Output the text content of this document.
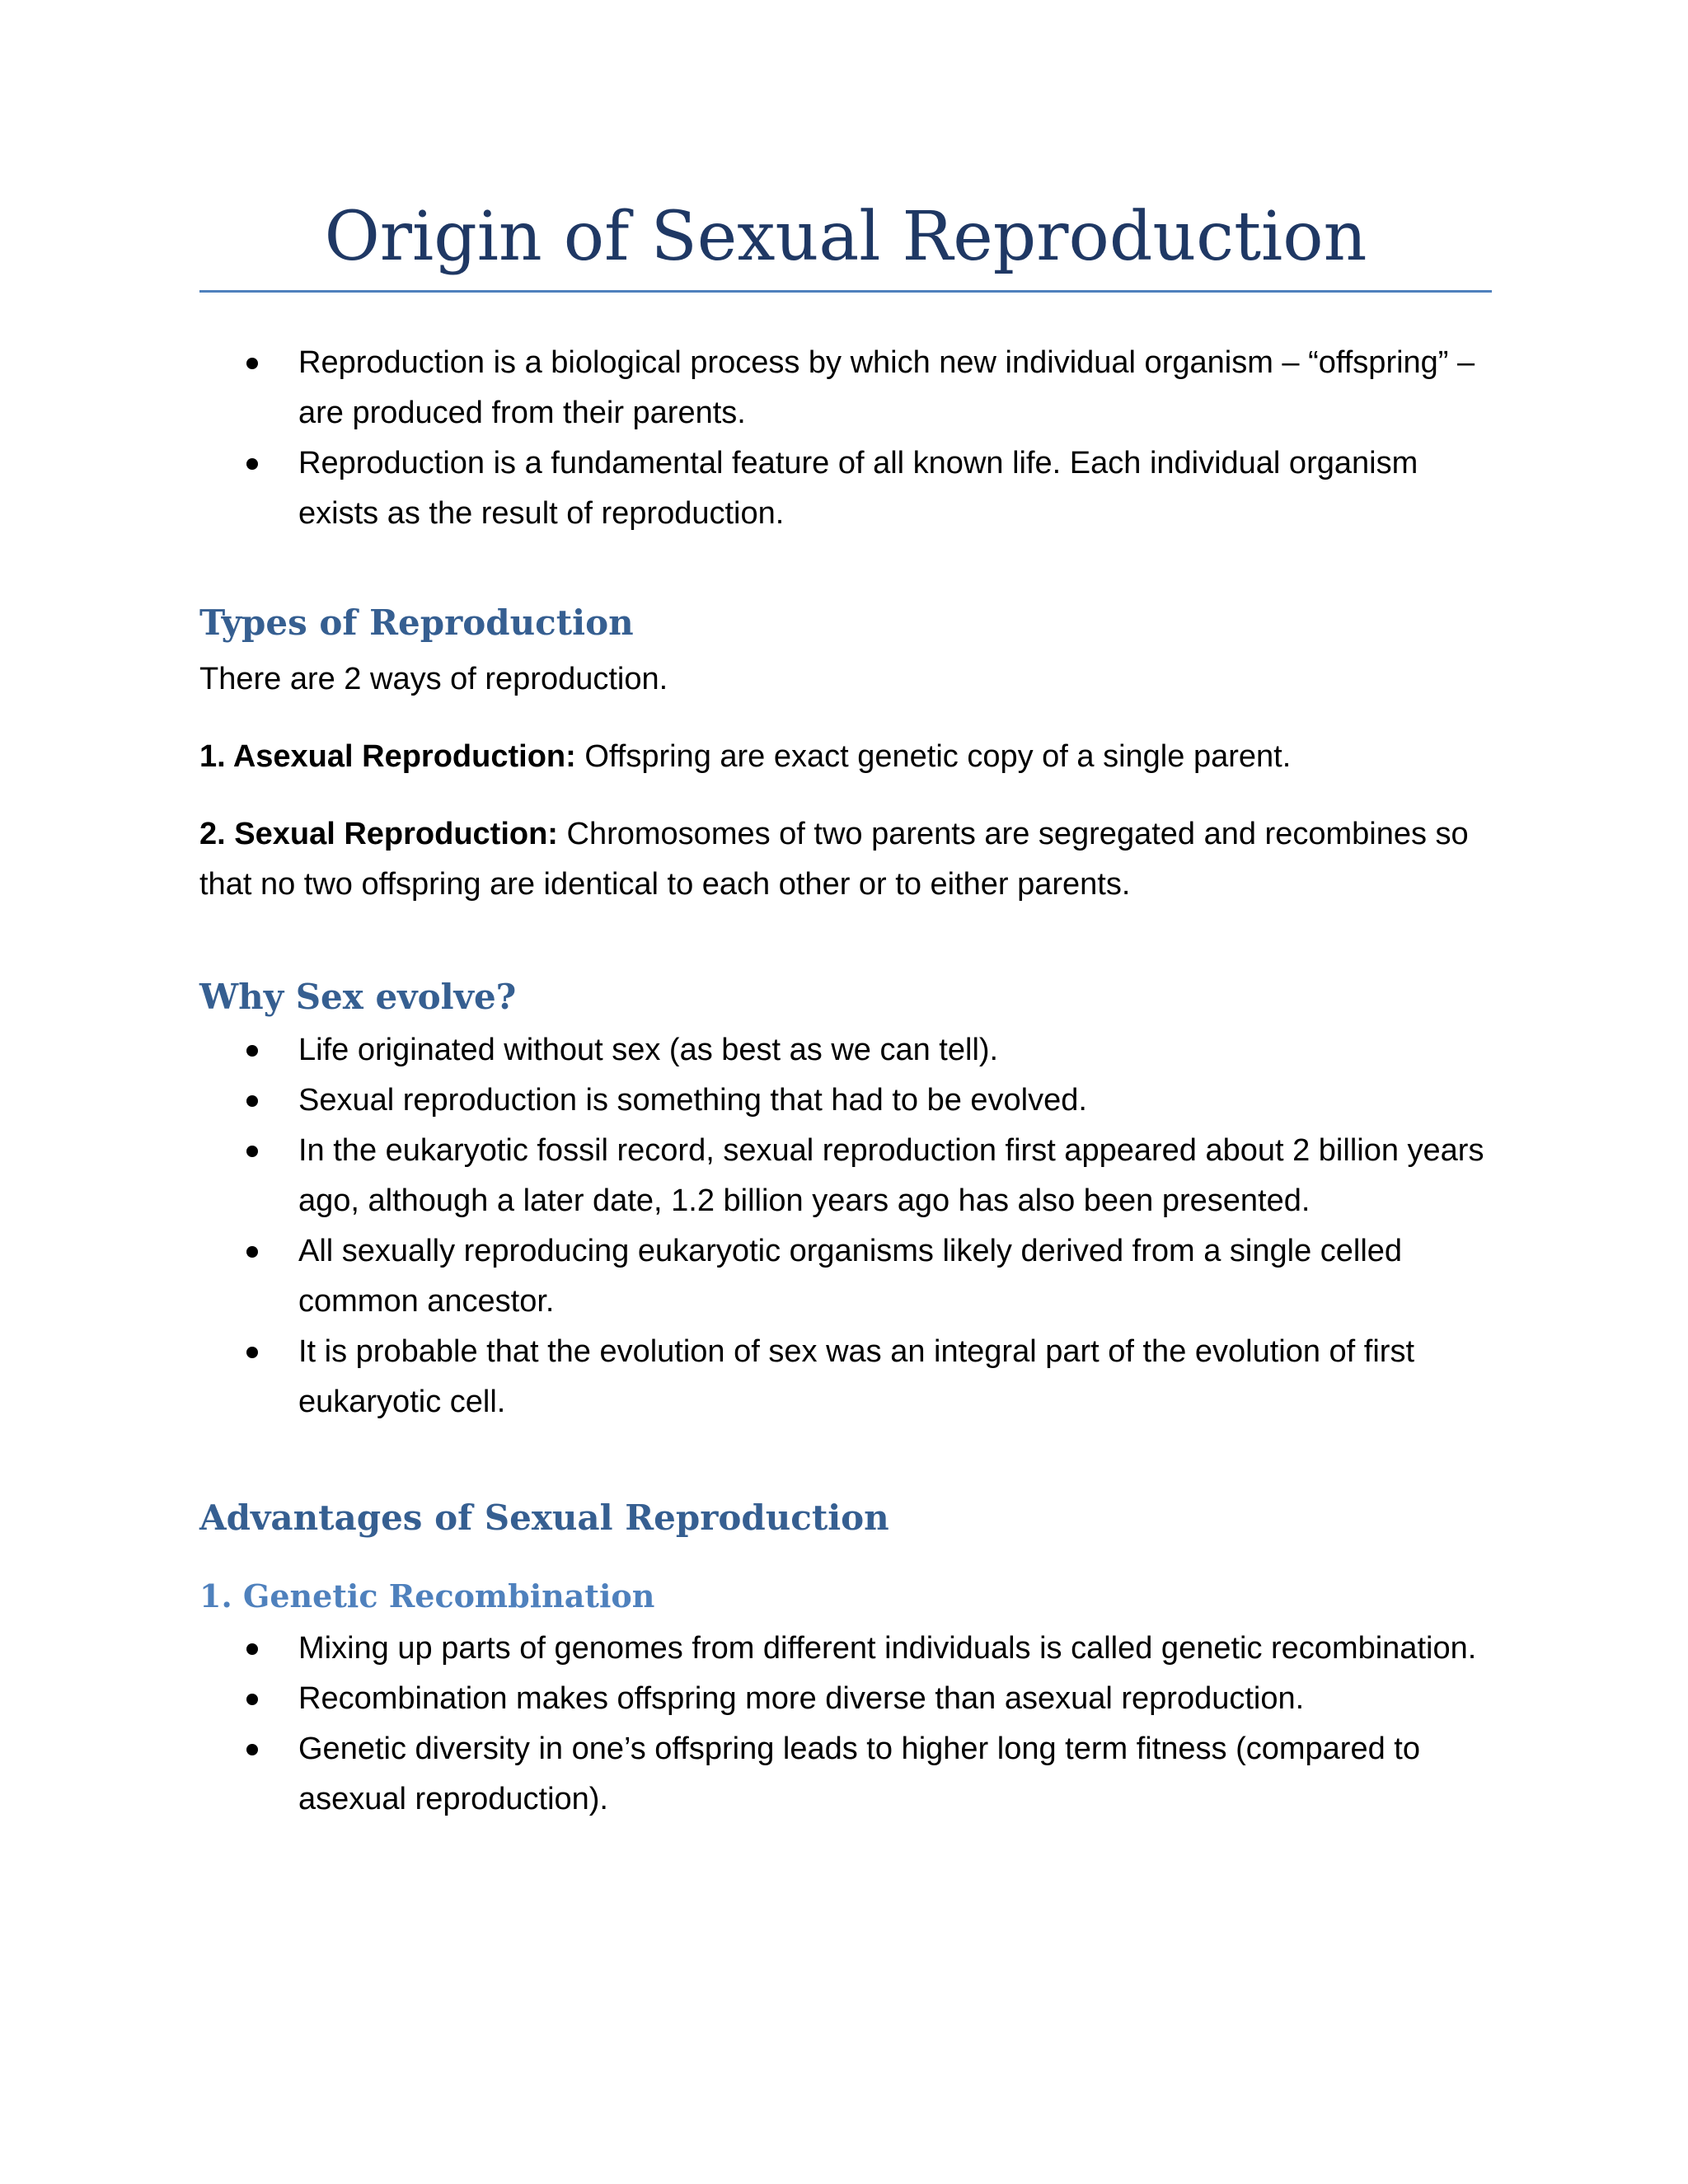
Origin of Sexual Reproduction
Reproduction is a biological process by which new individual organism – “offspring” – are produced from their parents.
Reproduction is a fundamental feature of all known life. Each individual organism exists as the result of reproduction.
Types of Reproduction

There are 2 ways of reproduction.

1. Asexual Reproduction: Offspring are exact genetic copy of a single parent.

2. Sexual Reproduction: Chromosomes of two parents are segregated and recombines so that no two offspring are identical to each other or to either parents.

Why Sex evolve?
Life originated without sex (as best as we can tell).
Sexual reproduction is something that had to be evolved.
In the eukaryotic fossil record, sexual reproduction first appeared about 2 billion years ago, although a later date, 1.2 billion years ago has also been presented.
All sexually reproducing eukaryotic organisms likely derived from a single celled common ancestor.
It is probable that the evolution of sex was an integral part of the evolution of first eukaryotic cell.
Advantages of Sexual Reproduction
1. Genetic Recombination
Mixing up parts of genomes from different individuals is called genetic recombination.
Recombination makes offspring more diverse than asexual reproduction.
Genetic diversity in one’s offspring leads to higher long term fitness (compared to asexual reproduction).
